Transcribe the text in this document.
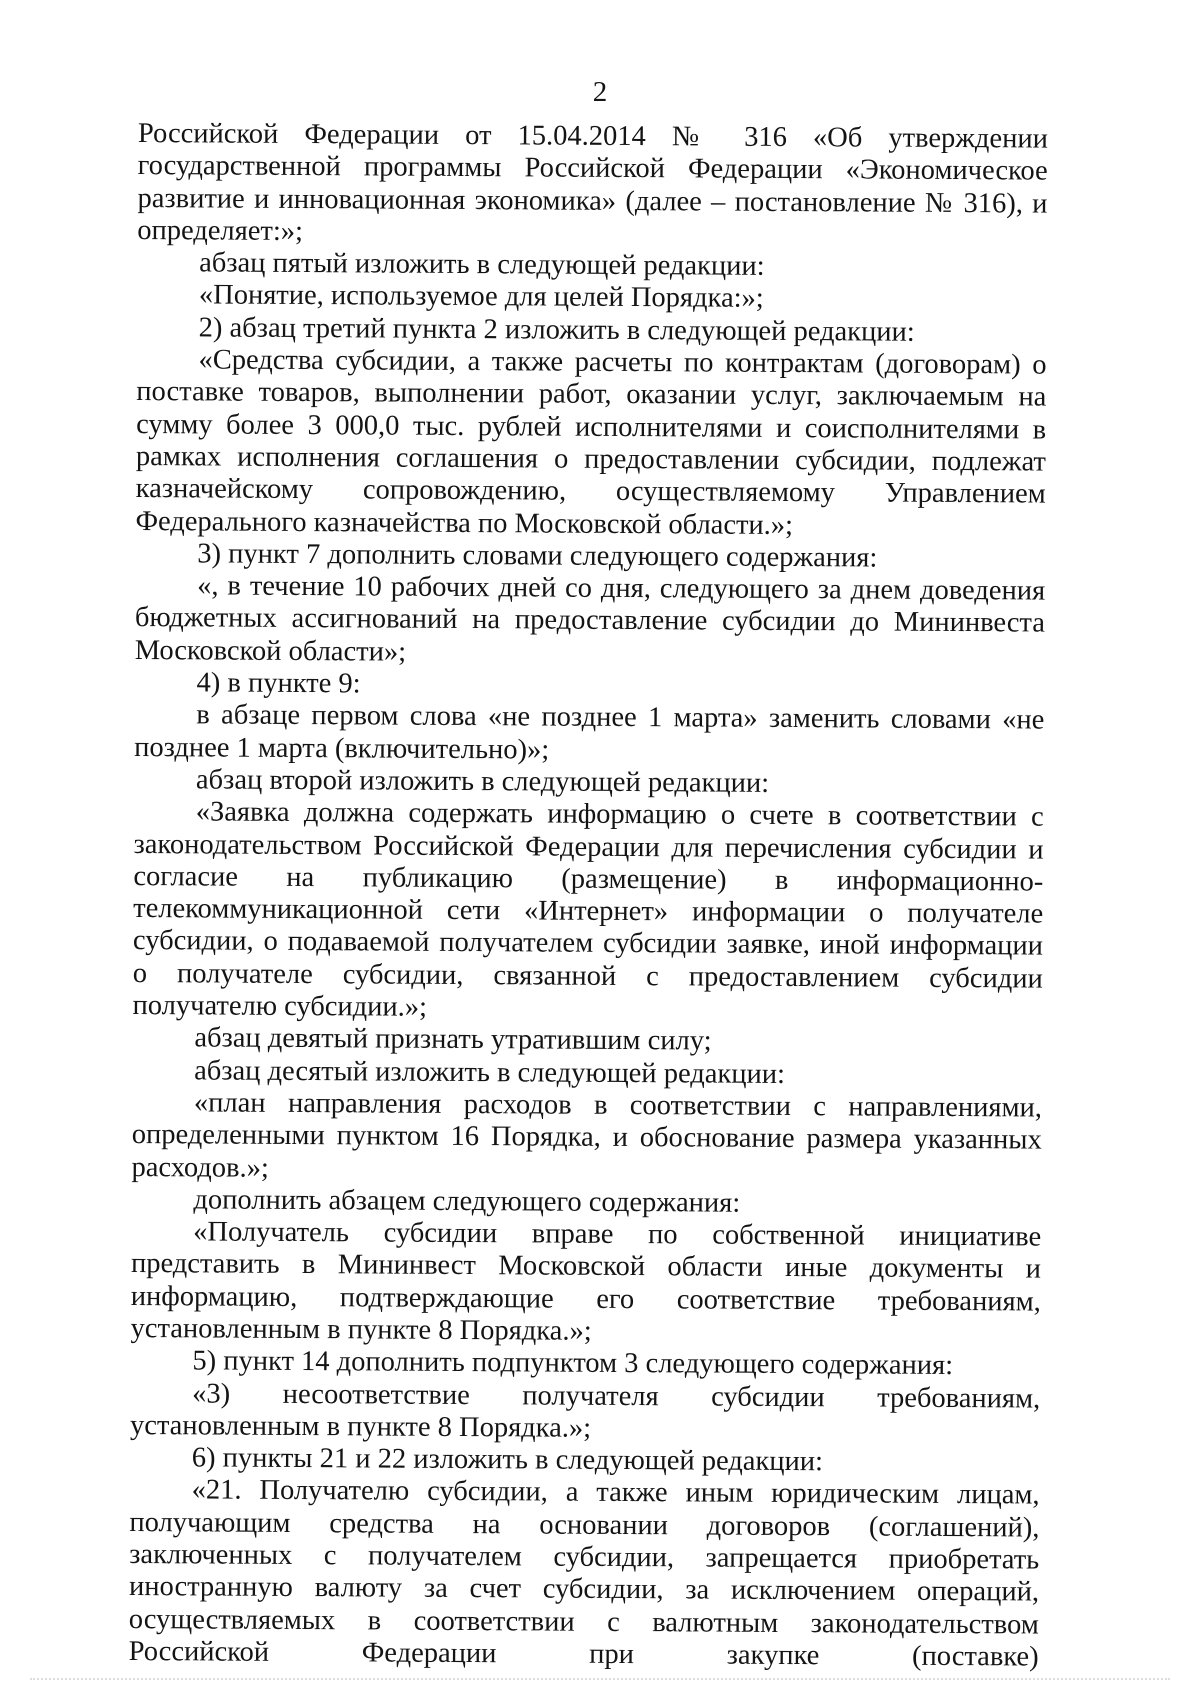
2

Российской Федерации от 15.04.2014 № 316 «Об утверждении государственной программы Российской Федерации «Экономическое развитие и инновационная экономика» (далее – постановление № 316), и определяет:»;

абзац пятый изложить в следующей редакции:

«Понятие, используемое для целей Порядка:»;

2) абзац третий пункта 2 изложить в следующей редакции:

«Средства субсидии, а также расчеты по контрактам (договорам) о поставке товаров, выполнении работ, оказании услуг, заключаемым на сумму более 3 000,0 тыс. рублей исполнителями и соисполнителями в рамках исполнения соглашения о предоставлении субсидии, подлежат казначейскому сопровождению, осуществляемому Управлением Федерального казначейства по Московской области.»;

3) пункт 7 дополнить словами следующего содержания:

«, в течение 10 рабочих дней со дня, следующего за днем доведения бюджетных ассигнований на предоставление субсидии до Мининвеста Московской области»;

4) в пункте 9:

в абзаце первом слова «не позднее 1 марта» заменить словами «не позднее 1 марта (включительно)»;

абзац второй изложить в следующей редакции:

«Заявка должна содержать информацию о счете в соответствии с законодательством Российской Федерации для перечисления субсидии и согласие на публикацию (размещение) в информационно-телекоммуникационной сети «Интернет» информации о получателе субсидии, о подаваемой получателем субсидии заявке, иной информации о получателе субсидии, связанной с предоставлением субсидии получателю субсидии.»;

абзац девятый признать утратившим силу;

абзац десятый изложить в следующей редакции:

«план направления расходов в соответствии с направлениями, определенными пунктом 16 Порядка, и обоснование размера указанных расходов.»;

дополнить абзацем следующего содержания:

«Получатель субсидии вправе по собственной инициативе представить в Мининвест Московской области иные документы и информацию, подтверждающие его соответствие требованиям, установленным в пункте 8 Порядка.»;

5) пункт 14 дополнить подпунктом 3 следующего содержания:

«3) несоответствие получателя субсидии требованиям, установленным в пункте 8 Порядка.»;

6) пункты 21 и 22 изложить в следующей редакции:

«21. Получателю субсидии, а также иным юридическим лицам, получающим средства на основании договоров (соглашений), заключенных с получателем субсидии, запрещается приобретать иностранную валюту за счет субсидии, за исключением операций, осуществляемых в соответствии с валютным законодательством Российской Федерации при закупке (поставке)
